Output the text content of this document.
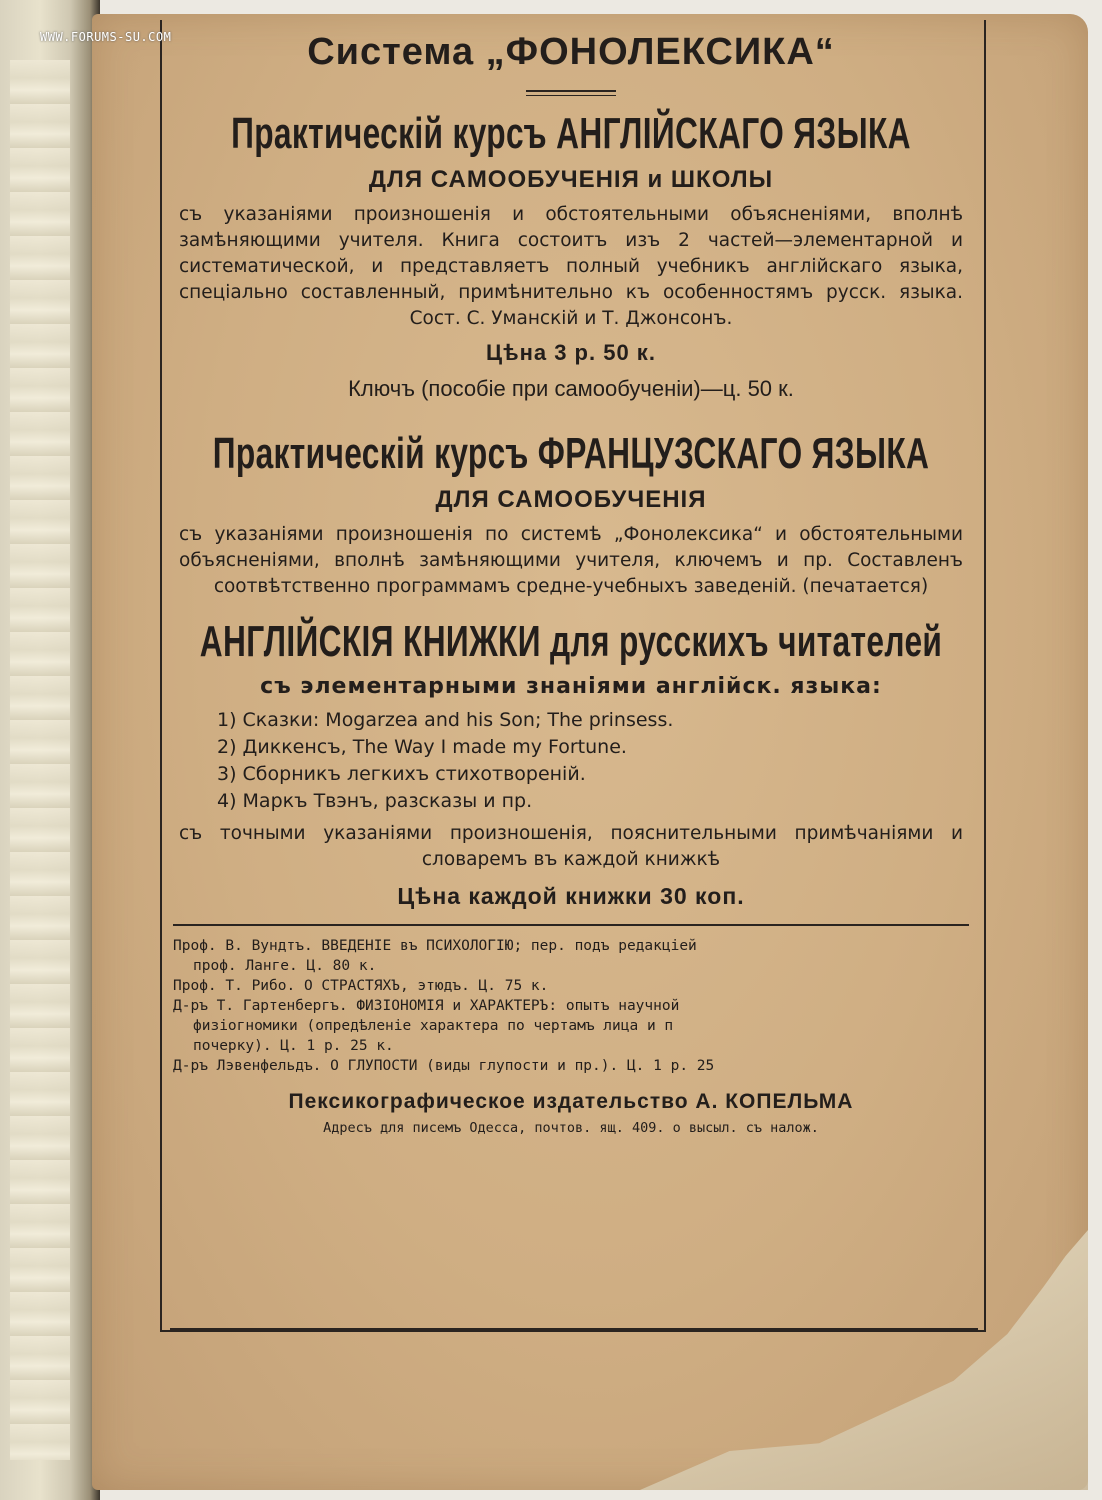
WWW.FORUMS-SU.COM	Система „ФОНОЛЕКСИКА“
Практическій курсъ АНГЛІЙСКАГО ЯЗЫКА
ДЛЯ САМООБУЧЕНІЯ и ШКОЛЫ
съ указаніями произношенія и обстоятельными объясненіями, вполнѣ замѣняющими учителя. Книга состоитъ изъ 2 частей—элементарной и систематической, и представляетъ полный учебникъ англійскаго языка, спеціально составленный, примѣнительно къ особенностямъ русск. языка. Сост. С. Уманскій и Т. Джонсонъ.
Цѣна 3 р. 50 к.
Ключъ (пособіе при самообученіи)—ц. 50 к.
Практическій курсъ ФРАНЦУЗСКАГО ЯЗЫКА
ДЛЯ САМООБУЧЕНІЯ
съ указаніями произношенія по системѣ „Фонолексика“ и обстоятельными объясненіями, вполнѣ замѣняющими учителя, ключемъ и пр. Составленъ соотвѣтственно программамъ средне-учебныхъ заведеній. (печатается)
АНГЛІЙСКІЯ КНИЖКИ для русскихъ читателей
съ элементарными знаніями англійск. языка:
1) Сказки: Mogarzea and his Son; The prinsess.
2) Диккенсъ, The Way I made my Fortune.
3) Сборникъ легкихъ стихотвореній.
4) Маркъ Твэнъ, разсказы и пр.
съ точными указаніями произношенія, пояснительными примѣчаніями и словаремъ въ каждой книжкѣ
Цѣна каждой книжки 30 коп.
Проф. В. Вундтъ. ВВЕДЕНІЕ въ ПСИХОЛОГІЮ; пер. подъ редакціей
проф. Ланге. Ц. 80 к.
Проф. Т. Рибо. О СТРАСТЯХЪ, этюдъ. Ц. 75 к.
Д-ръ Т. Гартенбергъ. ФИЗІОНОМІЯ и ХАРАКТЕРЪ: опытъ научной
физіогномики (опредѣленіе характера по чертамъ лица и п
почерку). Ц. 1 р. 25 к.
Д-ръ Лэвенфельдъ. О ГЛУПОСТИ (виды глупости и пр.). Ц. 1 р. 25
Пексикографическое издательство А. КОПЕЛЬМА
Адресъ для писемъ Одесса, почтов. ящ. 409. о высыл. съ налож.
